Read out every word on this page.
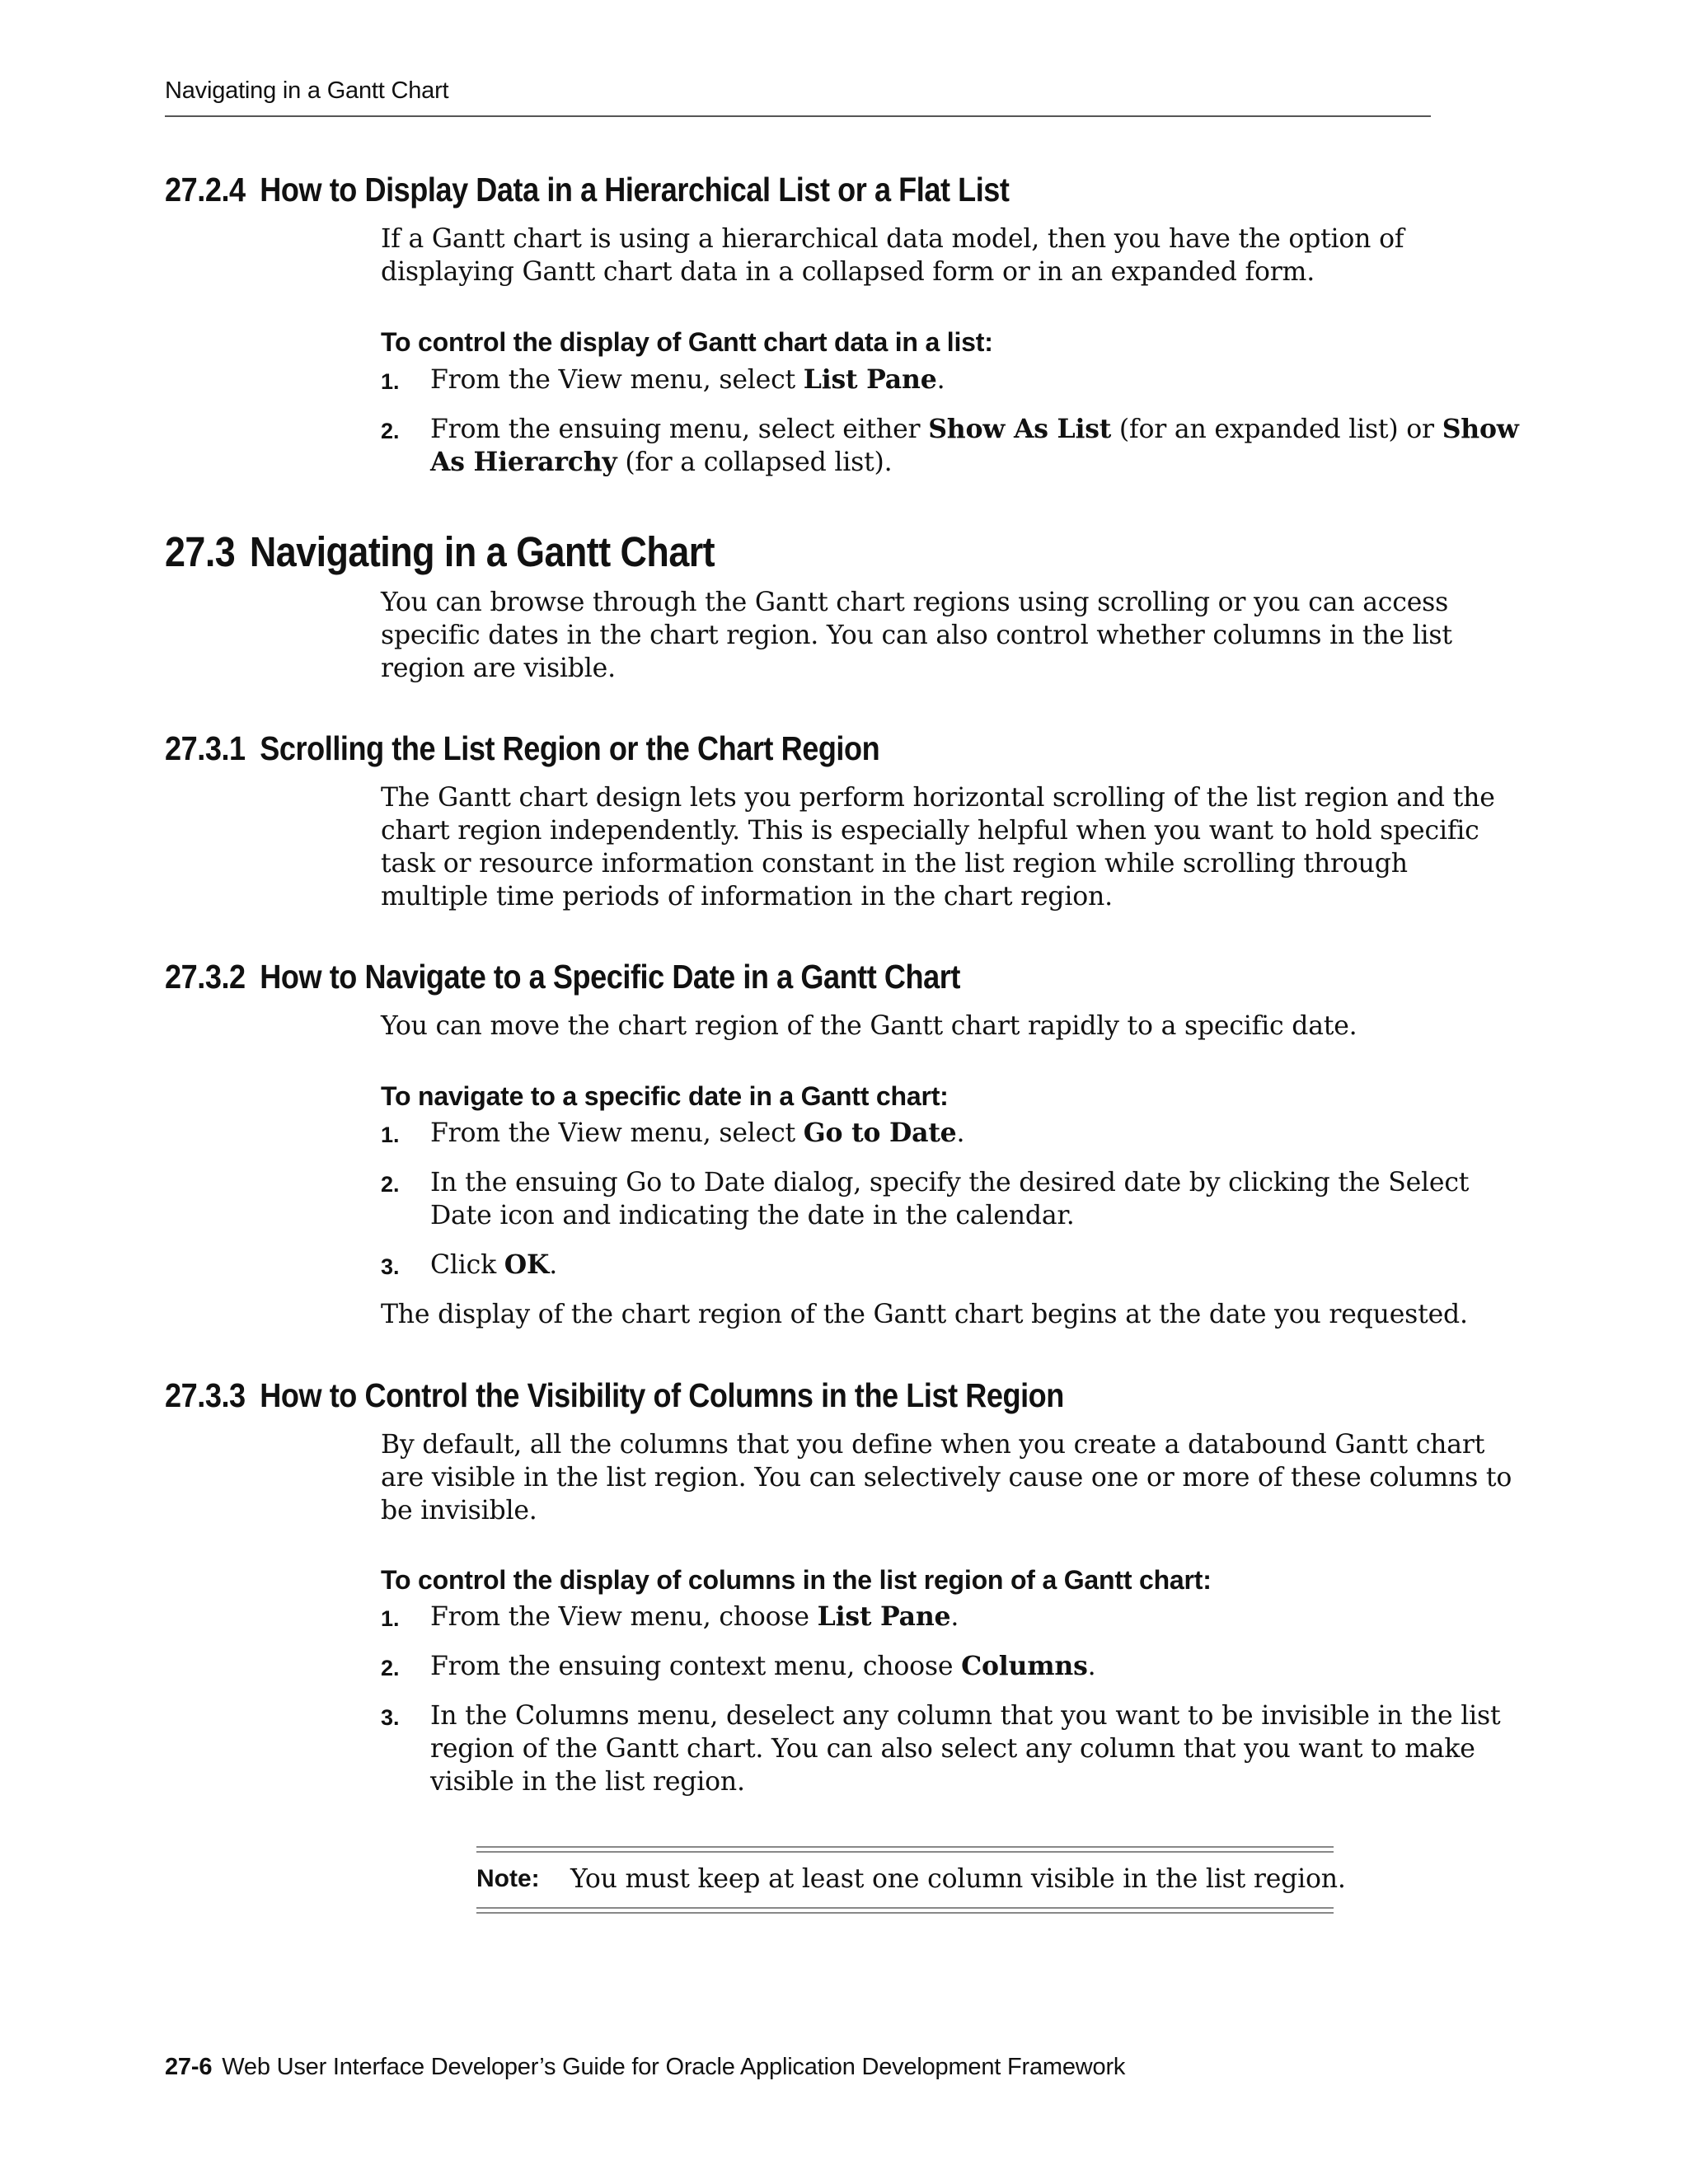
Navigating in a Gantt Chart
27.2.4 How to Display Data in a Hierarchical List or a Flat List

If a Gantt chart is using a hierarchical data model, then you have the option of

displaying Gantt chart data in a collapsed form or in an expanded form.

To control the display of Gantt chart data in a list:
1. From the View menu, select List Pane.

2. From the ensuing menu, select either Show As List (for an expanded list) or Show

As Hierarchy (for a collapsed list).

27.3 Navigating in a Gantt Chart

You can browse through the Gantt chart regions using scrolling or you can access

specific dates in the chart region. You can also control whether columns in the list

region are visible.

27.3.1 Scrolling the List Region or the Chart Region

The Gantt chart design lets you perform horizontal scrolling of the list region and the

chart region independently. This is especially helpful when you want to hold specific

task or resource information constant in the list region while scrolling through

multiple time periods of information in the chart region.

27.3.2 How to Navigate to a Specific Date in a Gantt Chart

You can move the chart region of the Gantt chart rapidly to a specific date.

To navigate to a specific date in a Gantt chart:
1. From the View menu, select Go to Date.

2. In the ensuing Go to Date dialog, specify the desired date by clicking the Select

Date icon and indicating the date in the calendar.

3. Click OK.

The display of the chart region of the Gantt chart begins at the date you requested.

27.3.3 How to Control the Visibility of Columns in the List Region

By default, all the columns that you define when you create a databound Gantt chart

are visible in the list region. You can selectively cause one or more of these columns to

be invisible.

To control the display of columns in the list region of a Gantt chart:
1. From the View menu, choose List Pane.

2. From the ensuing context menu, choose Columns.

3. In the Columns menu, deselect any column that you want to be invisible in the list

region of the Gantt chart. You can also select any column that you want to make

visible in the list region.

Note: You must keep at least one column visible in the list region.
27-6 Web User Interface Developer’s Guide for Oracle Application Development Framework
